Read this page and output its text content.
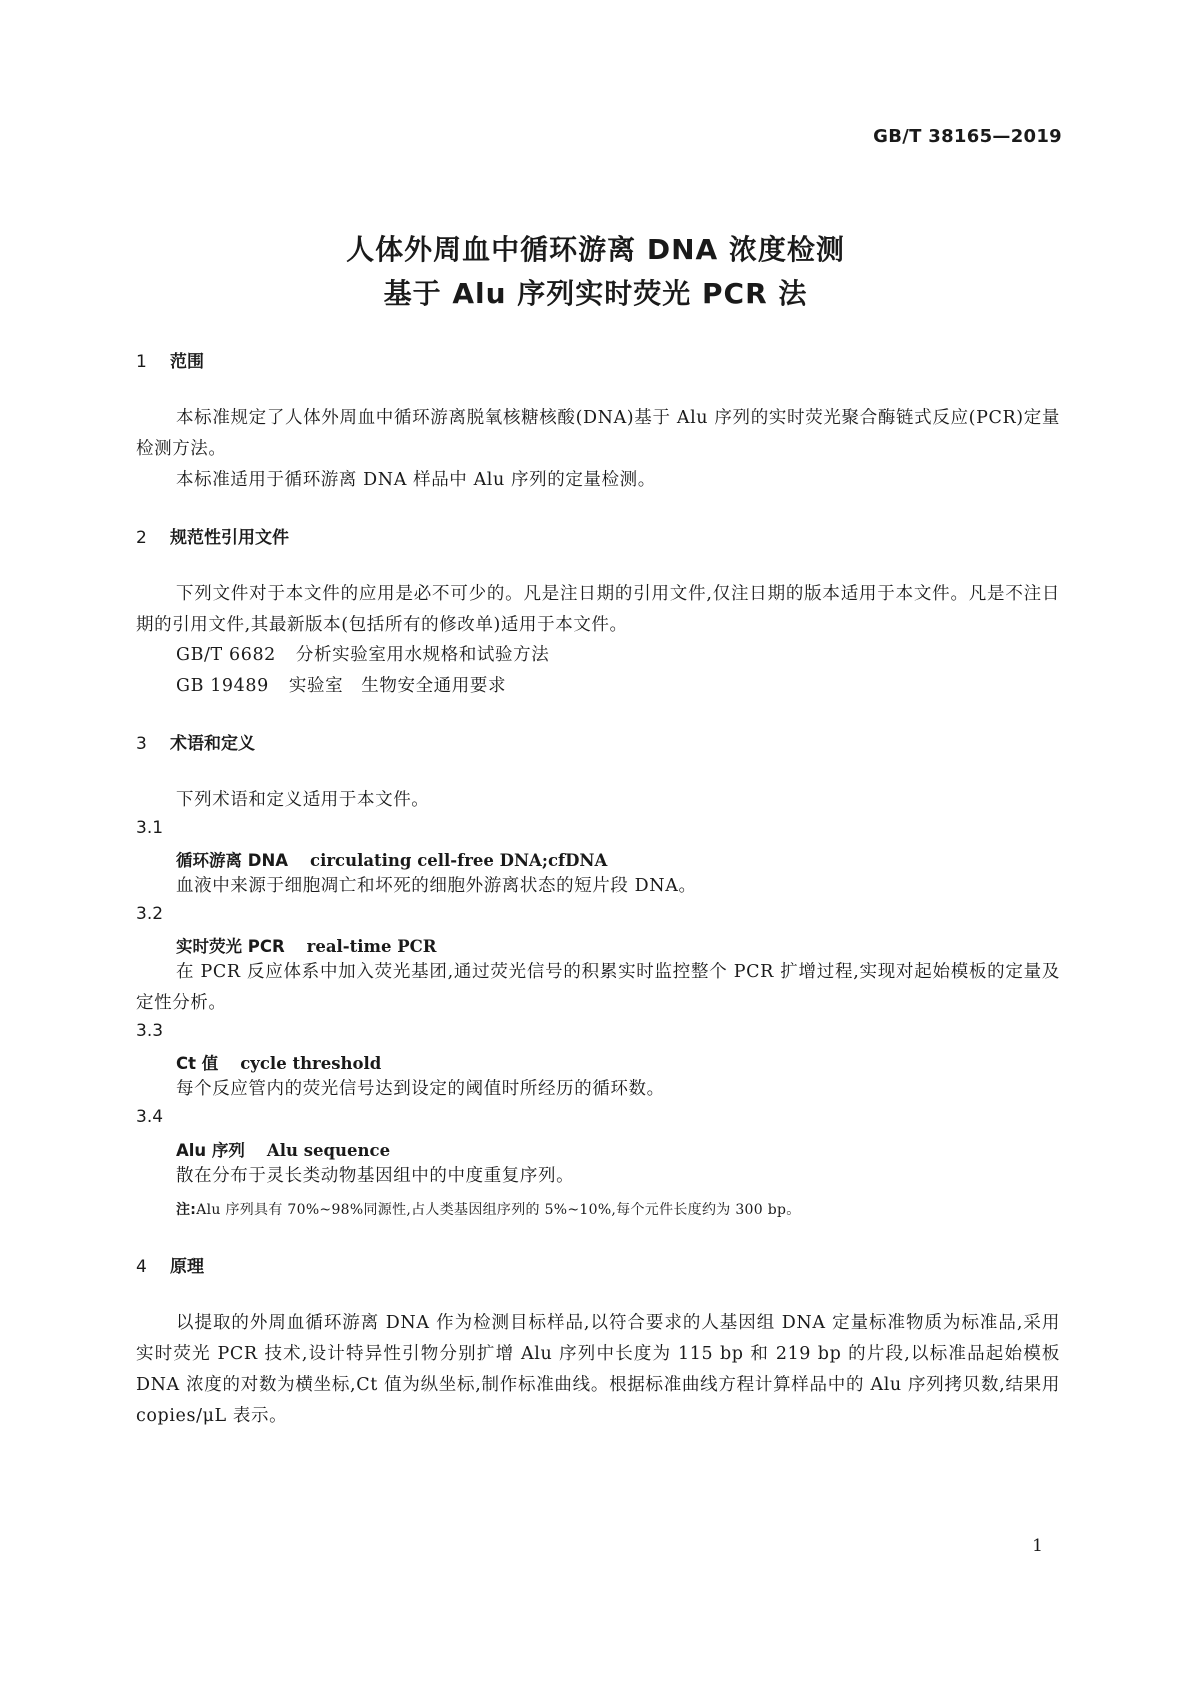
GB/T 38165—2019
人体外周血中循环游离 DNA 浓度检测
基于 Alu 序列实时荧光 PCR 法
1 范围
本标准规定了人体外周血中循环游离脱氧核糖核酸(DNA)基于 Alu 序列的实时荧光聚合酶链式反应(PCR)定量检测方法。
本标准适用于循环游离 DNA 样品中 Alu 序列的定量检测。
2 规范性引用文件
下列文件对于本文件的应用是必不可少的。凡是注日期的引用文件,仅注日期的版本适用于本文件。凡是不注日期的引用文件,其最新版本(包括所有的修改单)适用于本文件。
GB/T 6682 分析实验室用水规格和试验方法
GB 19489 实验室　生物安全通用要求
3 术语和定义
下列术语和定义适用于本文件。
3.1
循环游离 DNA circulating cell-free DNA;cfDNA
血液中来源于细胞凋亡和坏死的细胞外游离状态的短片段 DNA。
3.2
实时荧光 PCR real-time PCR
在 PCR 反应体系中加入荧光基团,通过荧光信号的积累实时监控整个 PCR 扩增过程,实现对起始模板的定量及定性分析。
3.3
Ct 值 cycle threshold
每个反应管内的荧光信号达到设定的阈值时所经历的循环数。
3.4
Alu 序列 Alu sequence
散在分布于灵长类动物基因组中的中度重复序列。
注:Alu 序列具有 70%~98%同源性,占人类基因组序列的 5%~10%,每个元件长度约为 300 bp。
4 原理
以提取的外周血循环游离 DNA 作为检测目标样品,以符合要求的人基因组 DNA 定量标准物质为标准品,采用实时荧光 PCR 技术,设计特异性引物分别扩增 Alu 序列中长度为 115 bp 和 219 bp 的片段,以标准品起始模板 DNA 浓度的对数为横坐标,Ct 值为纵坐标,制作标准曲线。根据标准曲线方程计算样品中的 Alu 序列拷贝数,结果用 copies/μL 表示。
1
